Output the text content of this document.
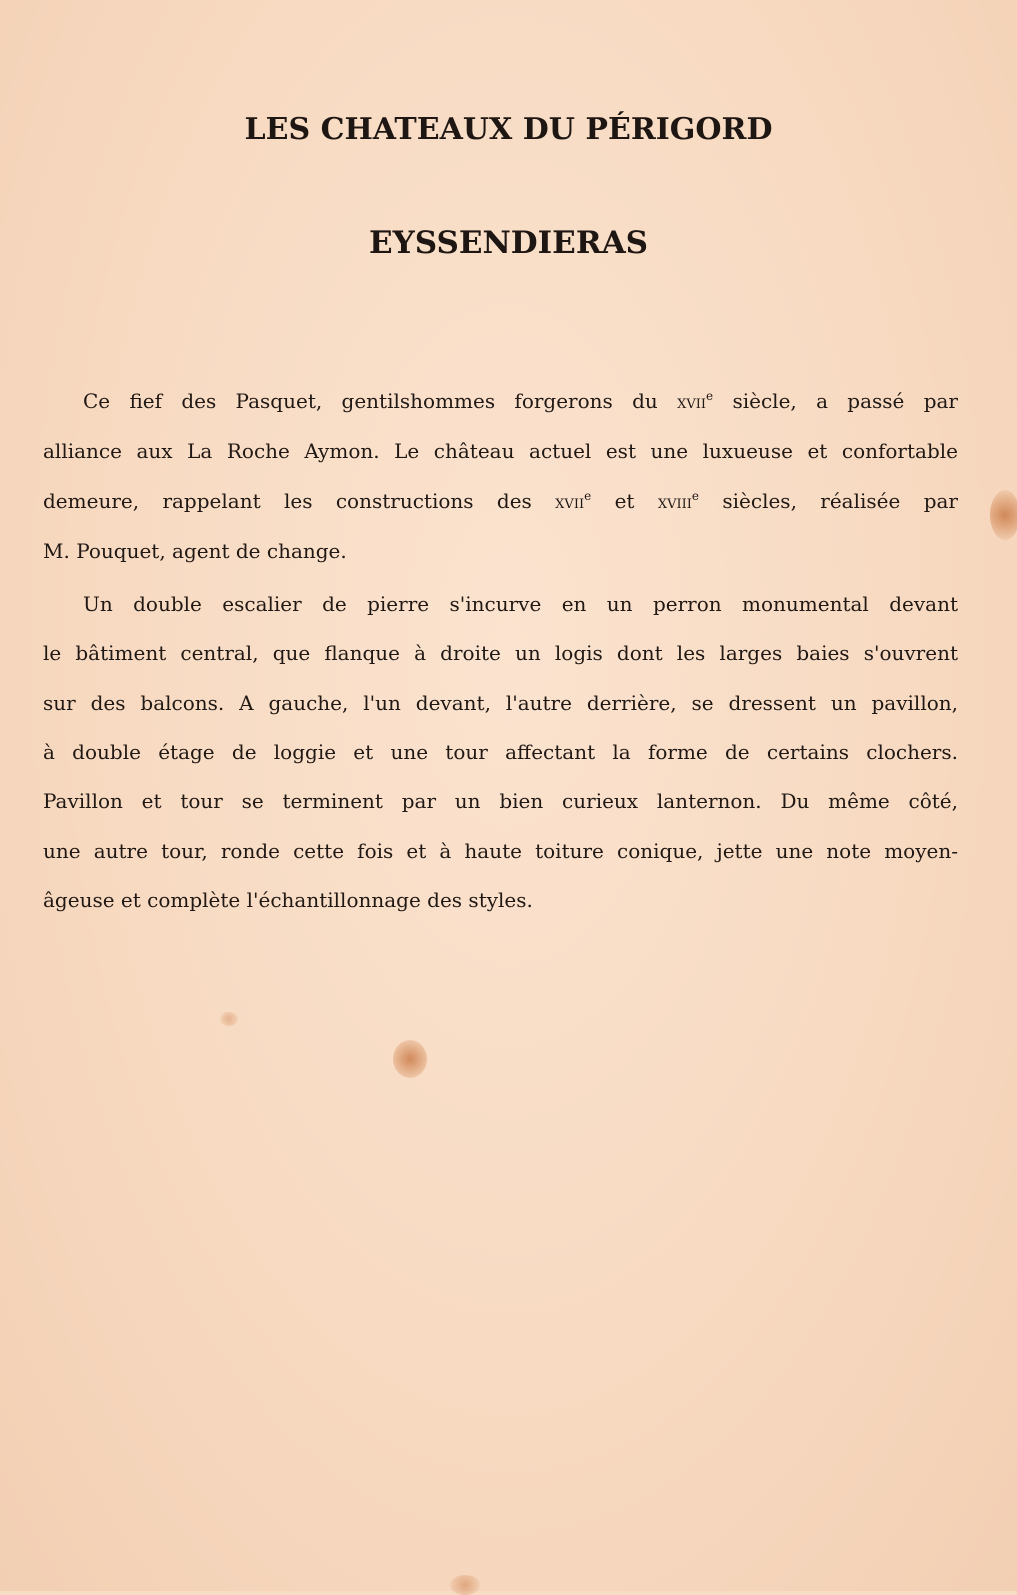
LES CHATEAUX DU PÉRIGORD
EYSSENDIERAS
Ce fief des Pasquet, gentilshommes forgerons du xvii$^e$ siècle, a passé par
alliance aux La Roche Aymon. Le château actuel est une luxueuse et confortable
demeure, rappelant les constructions des xvii$^e$ et xviii$^e$ siècles, réalisée par
M. Pouquet, agent de change.
Un double escalier de pierre s'incurve en un perron monumental devant
le bâtiment central, que flanque à droite un logis dont les larges baies s'ouvrent
sur des balcons. A gauche, l'un devant, l'autre derrière, se dressent un pavillon,
à double étage de loggie et une tour affectant la forme de certains clochers.
Pavillon et tour se terminent par un bien curieux lanternon. Du même côté,
une autre tour, ronde cette fois et à haute toiture conique, jette une note moyen-
âgeuse et complète l'échantillonnage des styles.
